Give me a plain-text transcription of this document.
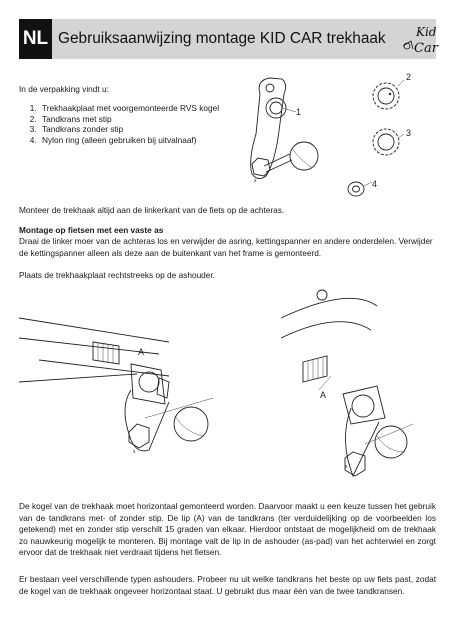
NL Gebruiksaanwijzing montage KID CAR trekhaak	Kid
Car

In de verpakking vindt u:

1. Trekhaakplaat met voorgemonteerde RVS kogel
2. Tandkrans met stip
3. Tandkrans zonder stip
4. Nylon ring (alleen gebruiken bij uitvalnaaf)
1
2
3
4
x

Monteer de trekhaak altijd aan de linkerkant van de fiets op de achteras.

Montage op fietsen met een vaste as

Draai de linker moer van de achteras los en verwijder de asring, kettingspanner en andere onderdelen. Verwijder de kettingspanner alleen als deze aan de buitenkant van het frame is gemonteerd.

Plaats de trekhaakplaat rechtstreeks op de ashouder.

A
A
x
x

De kogel van de trekhaak moet horizontaal gemonteerd worden. Daarvoor maakt u een keuze tussen het gebruik van de tandkrans met- of zonder stip. De lip (A) van de tandkrans (ter verduidelijking op de voorbeelden los getekend) met en zonder stip verschilt 15 graden van elkaar. Hierdoor ontstaat de mogelijkheid om de trekhaak zo nauwkeurig mogelijk te monteren. Bij montage valt de lip in de ashouder (as-pad) van het achterwiel en zorgt ervoor dat de trekhaak niet verdraait tijdens het fietsen.

Er bestaan veel verschillende typen ashouders. Probeer nu uit welke tandkrans het beste op uw fiets past, zodat de kogel van de trekhaak ongeveer horizontaal staat. U gebruikt dus maar één van de twee tandkransen.
